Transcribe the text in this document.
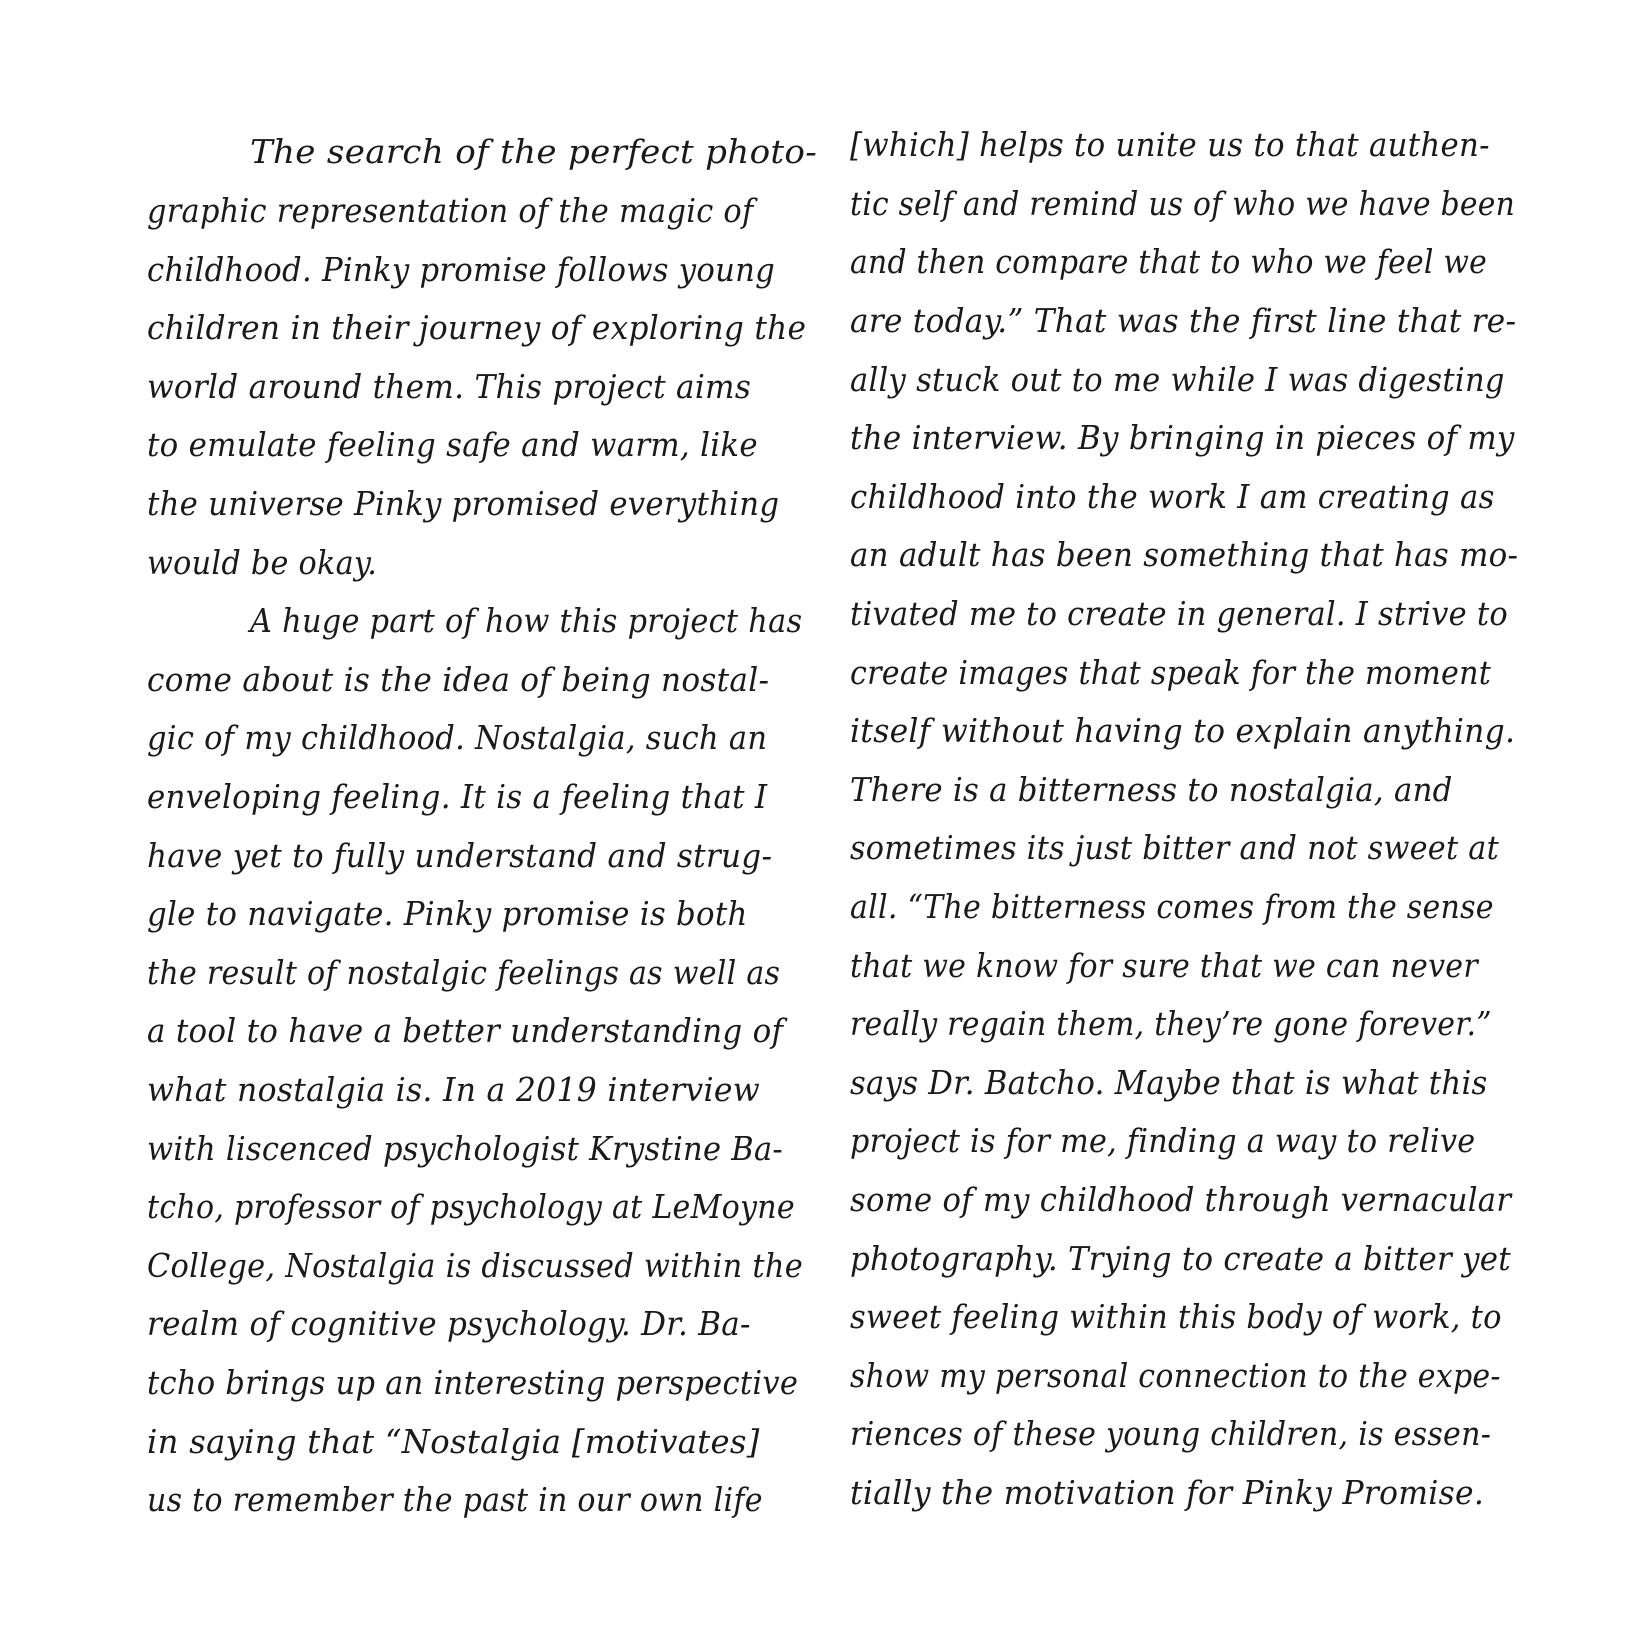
The search of the perfect photo-
graphic representation of the magic of
childhood. Pinky promise follows young
children in their journey of exploring the
world around them. This project aims
to emulate feeling safe and warm, like
the universe Pinky promised everything
would be okay.
A huge part of how this project has
come about is the idea of being nostal-
gic of my childhood. Nostalgia, such an
enveloping feeling. It is a feeling that I
have yet to fully understand and strug-
gle to navigate. Pinky promise is both
the result of nostalgic feelings as well as
a tool to have a better understanding of
what nostalgia is. In a 2019 interview
with liscenced psychologist Krystine Ba-
tcho, professor of psychology at LeMoyne
College, Nostalgia is discussed within the
realm of cognitive psychology. Dr. Ba-
tcho brings up an interesting perspective
in saying that “Nostalgia [motivates]
us to remember the past in our own life
[which] helps to unite us to that authen-
tic self and remind us of who we have been
and then compare that to who we feel we
are today.” That was the first line that re-
ally stuck out to me while I was digesting
the interview. By bringing in pieces of my
childhood into the work I am creating as
an adult has been something that has mo-
tivated me to create in general. I strive to
create images that speak for the moment
itself without having to explain anything.
There is a bitterness to nostalgia, and
sometimes its just bitter and not sweet at
all. “The bitterness comes from the sense
that we know for sure that we can never
really regain them, they’re gone forever.”
says Dr. Batcho. Maybe that is what this
project is for me, finding a way to relive
some of my childhood through vernacular
photography. Trying to create a bitter yet
sweet feeling within this body of work, to
show my personal connection to the expe-
riences of these young children, is essen-
tially the motivation for Pinky Promise.
